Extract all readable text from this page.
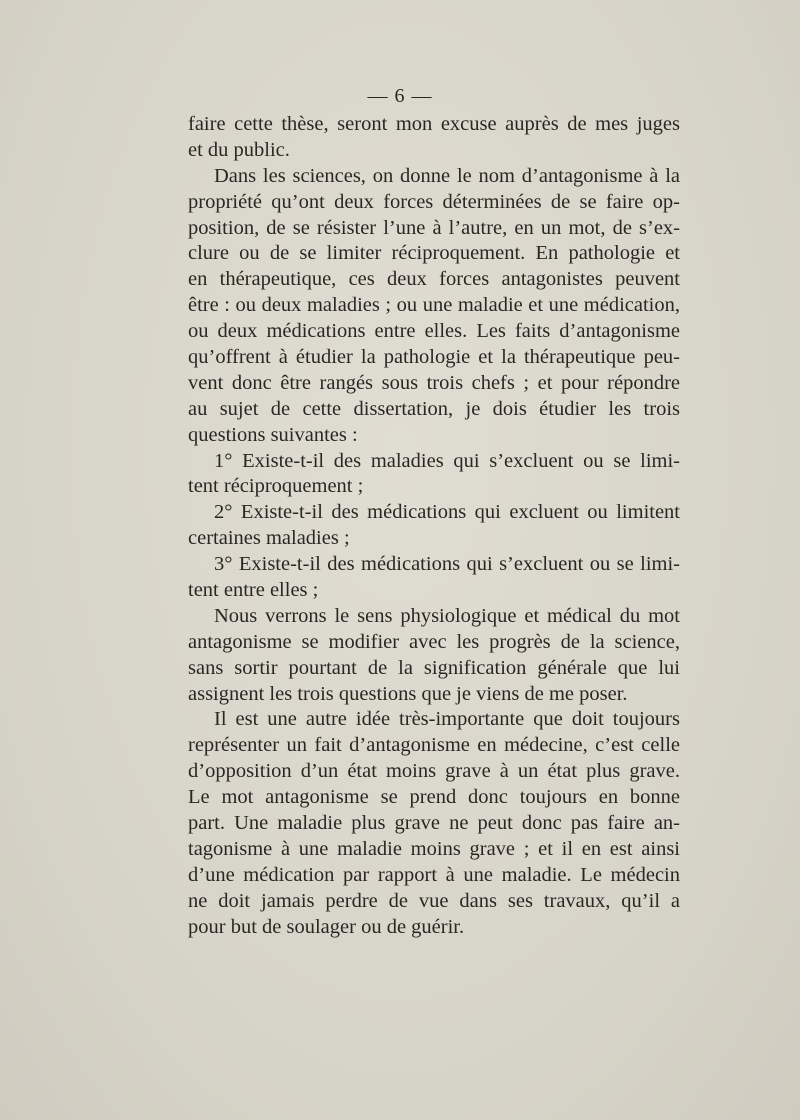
— 6 —
faire cette thèse, seront mon excuse auprès de mes juges
et du public.
Dans les sciences, on donne le nom d’antagonisme à la
propriété qu’ont deux forces déterminées de se faire op-
position, de se résister l’une à l’autre, en un mot, de s’ex-
clure ou de se limiter réciproquement. En pathologie et
en thérapeutique, ces deux forces antagonistes peuvent
être : ou deux maladies ; ou une maladie et une médication,
ou deux médications entre elles. Les faits d’antagonisme
qu’offrent à étudier la pathologie et la thérapeutique peu-
vent donc être rangés sous trois chefs ; et pour répondre
au sujet de cette dissertation, je dois étudier les trois
questions suivantes :
1° Existe-t-il des maladies qui s’excluent ou se limi-
tent réciproquement ;
2° Existe-t-il des médications qui excluent ou limitent
certaines maladies ;
3° Existe-t-il des médications qui s’excluent ou se limi-
tent entre elles ;
Nous verrons le sens physiologique et médical du mot
antagonisme se modifier avec les progrès de la science,
sans sortir pourtant de la signification générale que lui
assignent les trois questions que je viens de me poser.
Il est une autre idée très-importante que doit toujours
représenter un fait d’antagonisme en médecine, c’est celle
d’opposition d’un état moins grave à un état plus grave.
Le mot antagonisme se prend donc toujours en bonne
part. Une maladie plus grave ne peut donc pas faire an-
tagonisme à une maladie moins grave ; et il en est ainsi
d’une médication par rapport à une maladie. Le médecin
ne doit jamais perdre de vue dans ses travaux, qu’il a
pour but de soulager ou de guérir.
